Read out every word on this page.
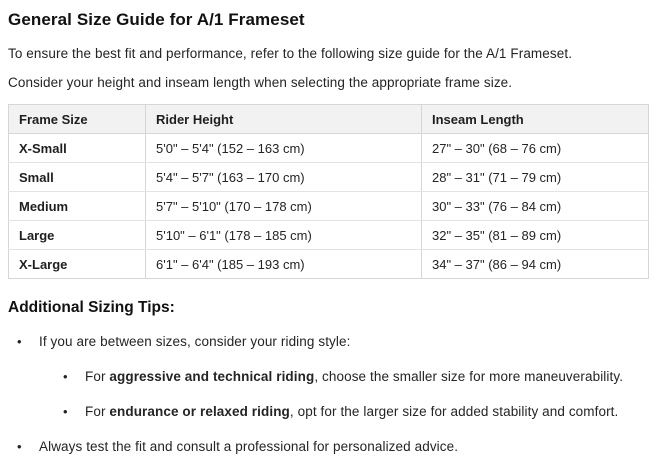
General Size Guide for A/1 Frameset
To ensure the best fit and performance, refer to the following size guide for the A/1 Frameset.
Consider your height and inseam length when selecting the appropriate frame size.
Frame Size	Rider Height	Inseam Length
X-Small	5'0" – 5'4" (152 – 163 cm)	27" – 30" (68 – 76 cm)
Small	5'4" – 5'7" (163 – 170 cm)	28" – 31" (71 – 79 cm)
Medium	5'7" – 5'10" (170 – 178 cm)	30" – 33" (76 – 84 cm)
Large	5'10" – 6'1" (178 – 185 cm)	32" – 35" (81 – 89 cm)
X-Large	6'1" – 6'4" (185 – 193 cm)	34" – 37" (86 – 94 cm)
Additional Sizing Tips:
•	If you are between sizes, consider your riding style:
•	For aggressive and technical riding, choose the smaller size for more maneuverability.
•	For endurance or relaxed riding, opt for the larger size for added stability and comfort.
•	Always test the fit and consult a professional for personalized advice.
